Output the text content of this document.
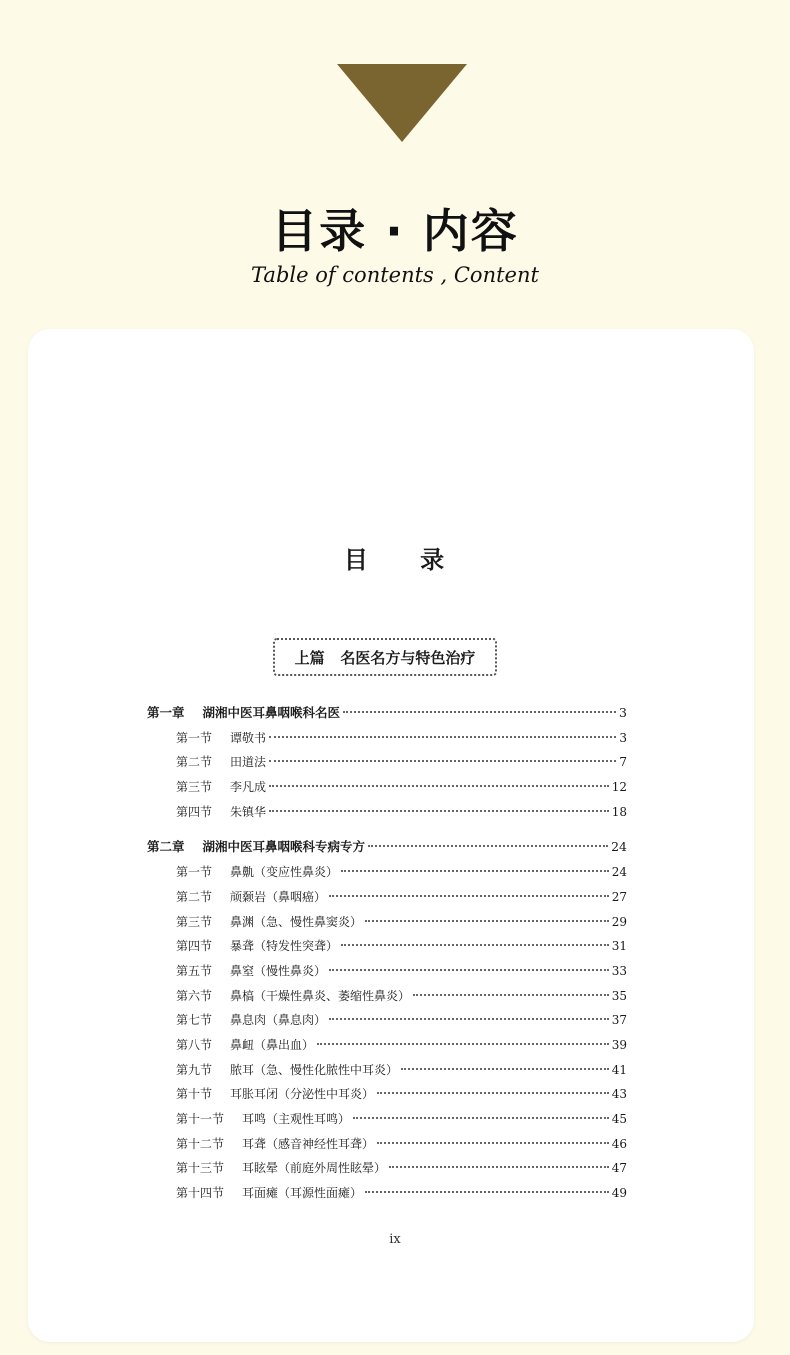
目录 · 内容
Table of contents , Content
目 录
上篇   名医名方与特色治疗
第一章 湖湘中医耳鼻咽喉科名医	3
第一节 谭敬书	3
第二节 田道法	7
第三节 李凡成	12
第四节 朱镇华	18
第二章 湖湘中医耳鼻咽喉科专病专方	24
第一节 鼻鼽（变应性鼻炎）	24
第二节 颃颡岩（鼻咽癌）	27
第三节 鼻渊（急、慢性鼻窦炎）	29
第四节 暴聋（特发性突聋）	31
第五节 鼻窒（慢性鼻炎）	33
第六节 鼻槁（干燥性鼻炎、萎缩性鼻炎）	35
第七节 鼻息肉（鼻息肉）	37
第八节 鼻衄（鼻出血）	39
第九节 脓耳（急、慢性化脓性中耳炎）	41
第十节 耳胀耳闭（分泌性中耳炎）	43
第十一节 耳鸣（主观性耳鸣）	45
第十二节 耳聋（感音神经性耳聋）	46
第十三节 耳眩晕（前庭外周性眩晕）	47
第十四节 耳面瘫（耳源性面瘫）	49
ix
